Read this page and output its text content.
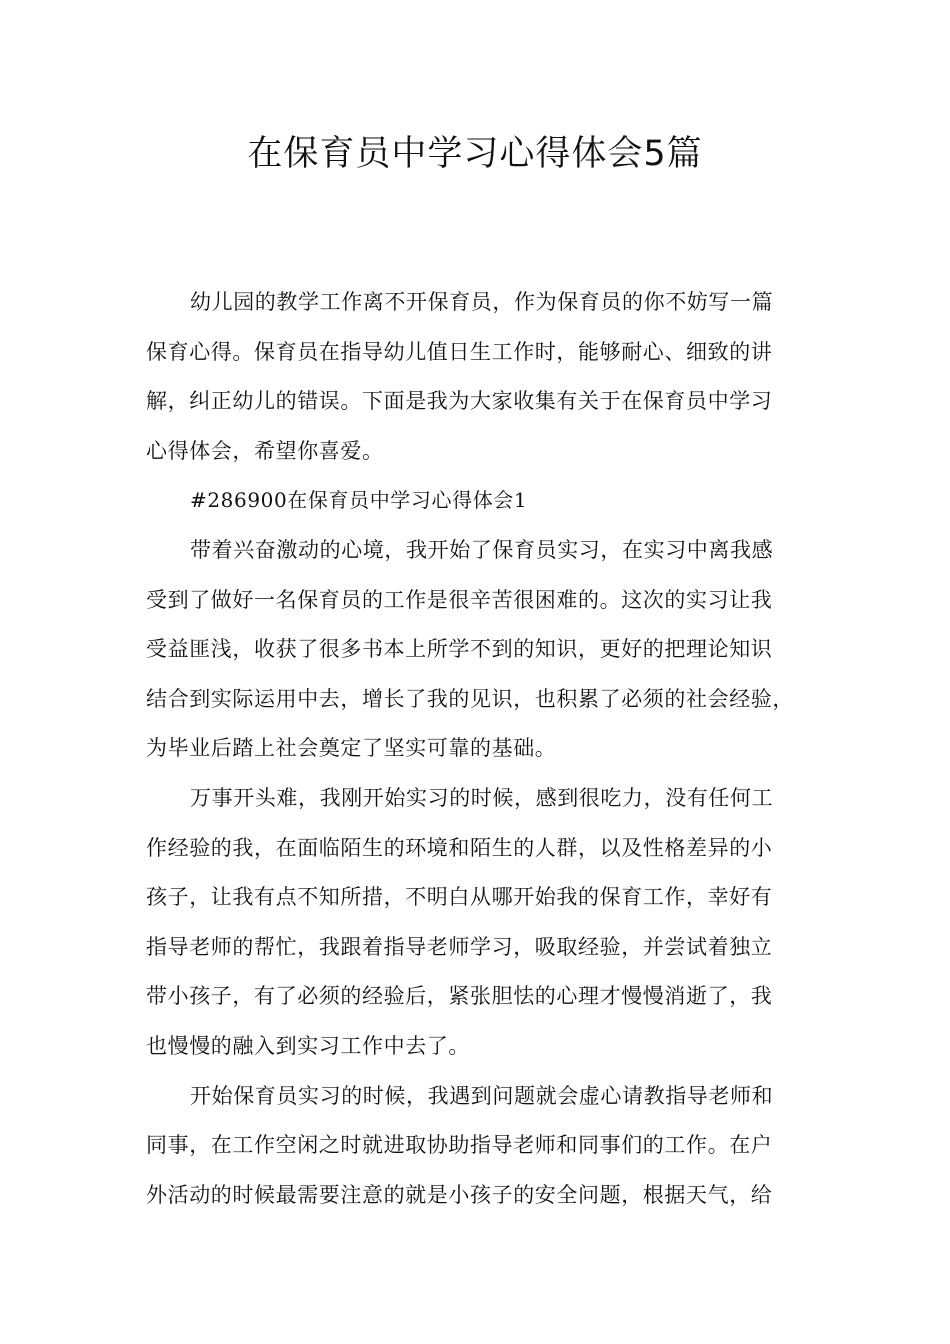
在保育员中学习心得体会5篇
幼儿园的教学工作离不开保育员，作为保育员的你不妨写一篇
保育心得。保育员在指导幼儿值日生工作时，能够耐心、细致的讲
解，纠正幼儿的错误。下面是我为大家收集有关于在保育员中学习
心得体会，希望你喜爱。
#286900在保育员中学习心得体会1
带着兴奋激动的心境，我开始了保育员实习，在实习中离我感
受到了做好一名保育员的工作是很辛苦很困难的。这次的实习让我
受益匪浅，收获了很多书本上所学不到的知识，更好的把理论知识
结合到实际运用中去，增长了我的见识，也积累了必须的社会经验，
为毕业后踏上社会奠定了坚实可靠的基础。
万事开头难，我刚开始实习的时候，感到很吃力，没有任何工
作经验的我，在面临陌生的环境和陌生的人群，以及性格差异的小
孩子，让我有点不知所措，不明白从哪开始我的保育工作，幸好有
指导老师的帮忙，我跟着指导老师学习，吸取经验，并尝试着独立
带小孩子，有了必须的经验后，紧张胆怯的心理才慢慢消逝了，我
也慢慢的融入到实习工作中去了。
开始保育员实习的时候，我遇到问题就会虚心请教指导老师和
同事，在工作空闲之时就进取协助指导老师和同事们的工作。在户
外活动的时候最需要注意的就是小孩子的安全问题，根据天气，给
